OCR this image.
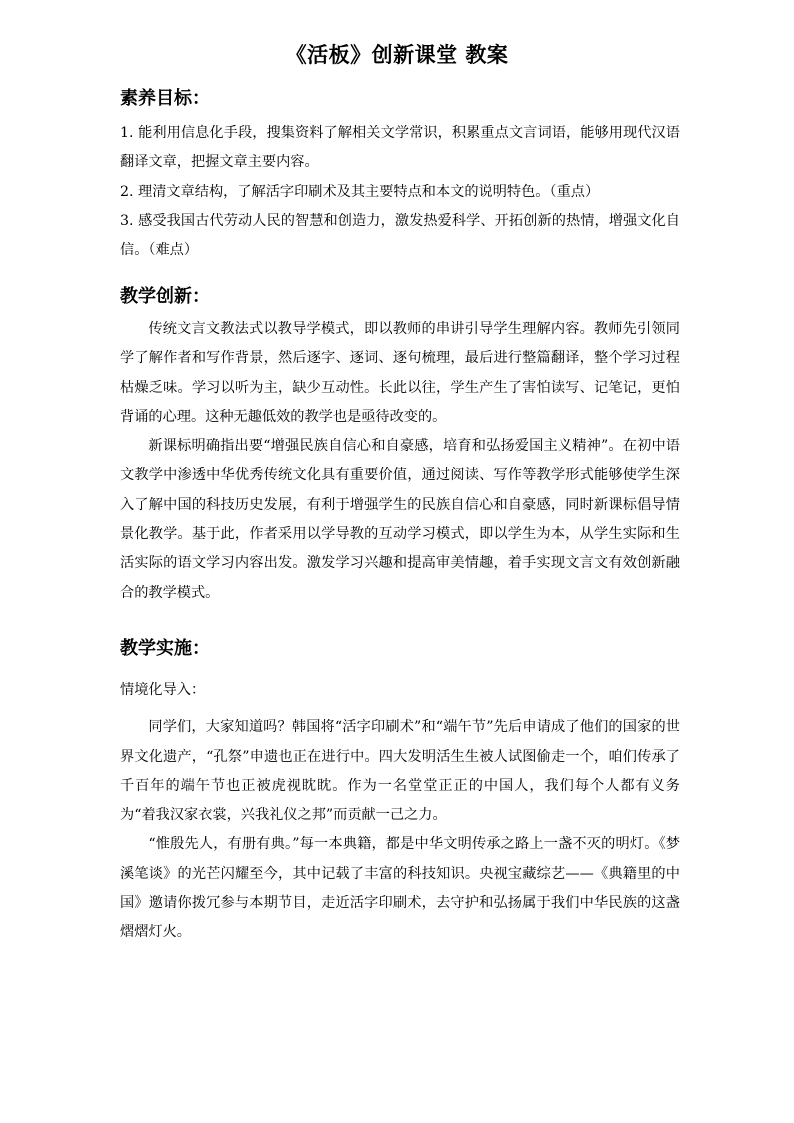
《活板》创新课堂 教案
素养目标：

1. 能利用信息化手段，搜集资料了解相关文学常识，积累重点文言词语，能够用现代汉语翻译文章，把握文章主要内容。

2. 理清文章结构，了解活字印刷术及其主要特点和本文的说明特色。（重点）

3. 感受我国古代劳动人民的智慧和创造力，激发热爱科学、开拓创新的热情，增强文化自信。（难点）

教学创新：

传统文言文教法式以教导学模式，即以教师的串讲引导学生理解内容。教师先引领同学了解作者和写作背景，然后逐字、逐词、逐句梳理，最后进行整篇翻译，整个学习过程枯燥乏味。学习以听为主，缺少互动性。长此以往，学生产生了害怕读写、记笔记，更怕背诵的心理。这种无趣低效的教学也是亟待改变的。

新课标明确指出要“增强民族自信心和自豪感，培育和弘扬爱国主义精神”。在初中语文教学中渗透中华优秀传统文化具有重要价值，通过阅读、写作等教学形式能够使学生深入了解中国的科技历史发展，有利于增强学生的民族自信心和自豪感，同时新课标倡导情景化教学。基于此，作者采用以学导教的互动学习模式，即以学生为本，从学生实际和生活实际的语文学习内容出发。激发学习兴趣和提高审美情趣，着手实现文言文有效创新融合的教学模式。

教学实施：

情境化导入：

同学们，大家知道吗？韩国将“活字印刷术”和“端午节”先后申请成了他们的国家的世界文化遗产，“孔祭”申遗也正在进行中。四大发明活生生被人试图偷走一个，咱们传承了千百年的端午节也正被虎视眈眈。作为一名堂堂正正的中国人，我们每个人都有义务为“着我汉家衣裳，兴我礼仪之邦”而贡献一己之力。

“惟殷先人，有册有典。”每一本典籍，都是中华文明传承之路上一盏不灭的明灯。《梦溪笔谈》的光芒闪耀至今，其中记载了丰富的科技知识。央视宝藏综艺——《典籍里的中国》邀请你拨冗参与本期节目，走近活字印刷术，去守护和弘扬属于我们中华民族的这盏熠熠灯火。
